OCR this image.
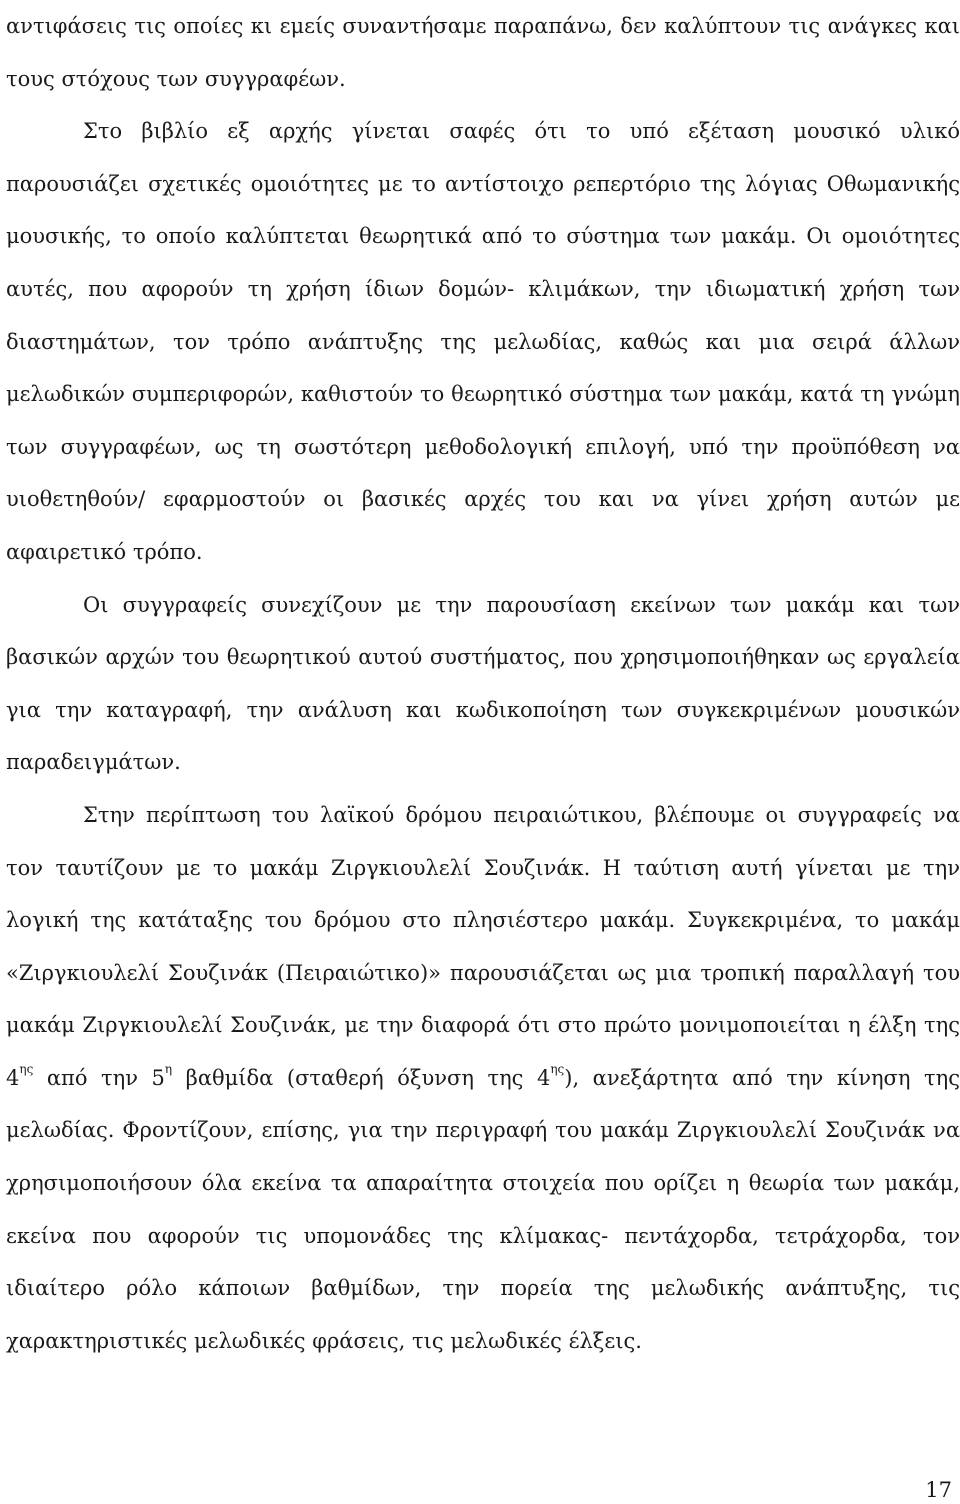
αντιφάσεις τις οποίες κι εμείς συναντήσαμε παραπάνω, δεν καλύπτουν τις ανάγκες και τους στόχους των συγγραφέων.

Στο βιβλίο εξ αρχής γίνεται σαφές ότι το υπό εξέταση μουσικό υλικό παρουσιάζει σχετικές ομοιότητες με το αντίστοιχο ρεπερτόριο της λόγιας Οθωμανικής μουσικής, το οποίο καλύπτεται θεωρητικά από το σύστημα των μακάμ. Οι ομοιότητες αυτές, που αφορούν τη χρήση ίδιων δομών- κλιμάκων, την ιδιωματική χρήση των διαστημάτων, τον τρόπο ανάπτυξης της μελωδίας, καθώς και μια σειρά άλλων μελωδικών συμπεριφορών, καθιστούν το θεωρητικό σύστημα των μακάμ, κατά τη γνώμη των συγγραφέων, ως τη σωστότερη μεθοδολογική επιλογή, υπό την προϋπόθεση να υιοθετηθούν/ εφαρμοστούν οι βασικές αρχές του και να γίνει χρήση αυτών με αφαιρετικό τρόπο.

Οι συγγραφείς συνεχίζουν με την παρουσίαση εκείνων των μακάμ και των βασικών αρχών του θεωρητικού αυτού συστήματος, που χρησιμοποιήθηκαν ως εργαλεία για την καταγραφή, την ανάλυση και κωδικοποίηση των συγκεκριμένων μουσικών παραδειγμάτων.

Στην περίπτωση του λαϊκού δρόμου πειραιώτικου, βλέπουμε οι συγγραφείς να τον ταυτίζουν με το μακάμ Ζιργκιουλελί Σουζινάκ. Η ταύτιση αυτή γίνεται με την λογική της κατάταξης του δρόμου στο πλησιέστερο μακάμ. Συγκεκριμένα, το μακάμ «Ζιργκιουλελί Σουζινάκ (Πειραιώτικο)» παρουσιάζεται ως μια τροπική παραλλαγή του μακάμ Ζιργκιουλελί Σουζινάκ, με την διαφορά ότι στο πρώτο μονιμοποιείται η έλξη της $4^{\eta\varsigma}$ από την $5^\eta$ βαθμίδα (σταθερή όξυνση της $4^{\eta\varsigma}$), ανεξάρτητα από την κίνηση της μελωδίας. Φροντίζουν, επίσης, για την περιγραφή του μακάμ Ζιργκιουλελί Σουζινάκ να χρησιμοποιήσουν όλα εκείνα τα απαραίτητα στοιχεία που ορίζει η θεωρία των μακάμ, εκείνα που αφορούν τις υπομονάδες της κλίμακας- πεντάχορδα, τετράχορδα, τον ιδιαίτερο ρόλο κάποιων βαθμίδων, την πορεία της μελωδικής ανάπτυξης, τις χαρακτηριστικές μελωδικές φράσεις, τις μελωδικές έλξεις.

17
